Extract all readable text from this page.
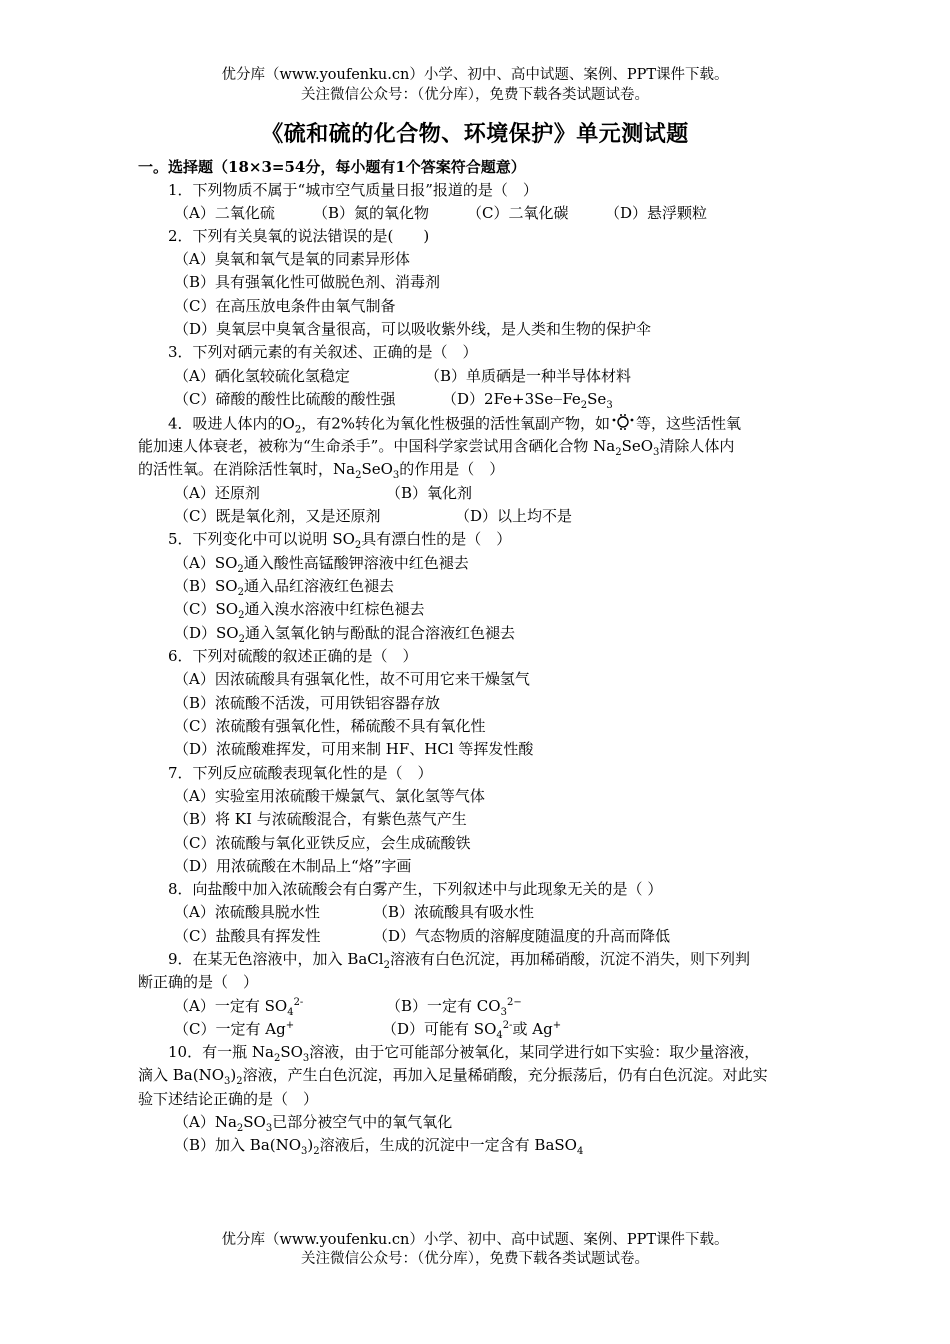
优分库（www.youfenku.cn）小学、初中、高中试题、案例、PPT课件下载。
关注微信公众号：（优分库），免费下载各类试题试卷。
《硫和硫的化合物、环境保护》单元测试题
一。选择题（18×3=54分，每小题有1个答案符合题意）
1．下列物质不属于“城市空气质量日报”报道的是（　）
（A）二氧化硫	（B）氮的氧化物	（C）二氧化碳 （D）悬浮颗粒
2．下列有关臭氧的说法错误的是(　　)
（A）臭氧和氧气是氧的同素异形体
（B）具有强氧化性可做脱色剂、消毒剂
（C）在高压放电条件由氧气制备
（D）臭氧层中臭氧含量很高，可以吸收紫外线，是人类和生物的保护伞
3．下列对硒元素的有关叙述、正确的是（　）
（A）硒化氢较硫化氢稳定	（B）单质硒是一种半导体材料
（C）碲酸的酸性比硫酸的酸性强	$(D)2Fe+3Se—Fe_2Se_3$
4．吸进人体内的$O_2$，有2%转化为氧化性极强的活性氧副产物，如 等，这些活性氧
能加速人体衰老，被称为“生命杀手”。中国科学家尝试用含硒化合物 $Na_2SeO_3$清除人体内
的活性氧。在消除活性氧时，$Na_2SeO_3$的作用是（　）
（A）还原剂	（B）氧化剂
（C）既是氧化剂，又是还原剂	（D）以上均不是
5．下列变化中可以说明 $SO_2$具有漂白性的是（　）
$(A)SO_2$通入酸性高锰酸钾溶液中红色褪去
$(B)SO_2$通入品红溶液红色褪去
$(C)SO_2$通入溴水溶液中红棕色褪去
$(D)SO_2$通入氢氧化钠与酚酞的混合溶液红色褪去
6．下列对硫酸的叙述正确的是（　）
（A）因浓硫酸具有强氧化性，故不可用它来干燥氢气
（B）浓硫酸不活泼，可用铁铝容器存放
（C）浓硫酸有强氧化性，稀硫酸不具有氧化性
（D）浓硫酸难挥发，可用来制 HF、HCl 等挥发性酸
7．下列反应硫酸表现氧化性的是（　）
（A）实验室用浓硫酸干燥氯气、氯化氢等气体
（B）将 KI 与浓硫酸混合，有紫色蒸气产生
（C）浓硫酸与氧化亚铁反应，会生成硫酸铁
（D）用浓硫酸在木制品上“烙”字画
8．向盐酸中加入浓硫酸会有白雾产生，下列叙述中与此现象无关的是（ ）
（A）浓硫酸具脱水性	（B）浓硫酸具有吸水性
（C）盐酸具有挥发性	（D）气态物质的溶解度随温度的升高而降低
9．在某无色溶液中，加入 BaCl$_2$溶液有白色沉淀，再加稀硝酸，沉淀不消失，则下列判
断正确的是（　）
（A）一定有 $SO_4^{2-}$	（B）一定有 $CO_3^{2-}$
（C）一定有 Ag+	（D）可能有 $SO_4^{2-}$或 Ag+
10．有一瓶 $Na_2SO_3$溶液，由于它可能部分被氧化，某同学进行如下实验：取少量溶液，
滴入 $Ba(NO_3)_2$溶液，产生白色沉淀，再加入足量稀硝酸，充分振荡后，仍有白色沉淀。对此实
验下述结论正确的是（　）
$(A)Na_2SO_3$已部分被空气中的氧气氧化
（B）加入 $Ba(NO_3)_2$溶液后，生成的沉淀中一定含有 BaSO$_4$
优分库（www.youfenku.cn）小学、初中、高中试题、案例、PPT课件下载。
关注微信公众号：（优分库），免费下载各类试题试卷。
